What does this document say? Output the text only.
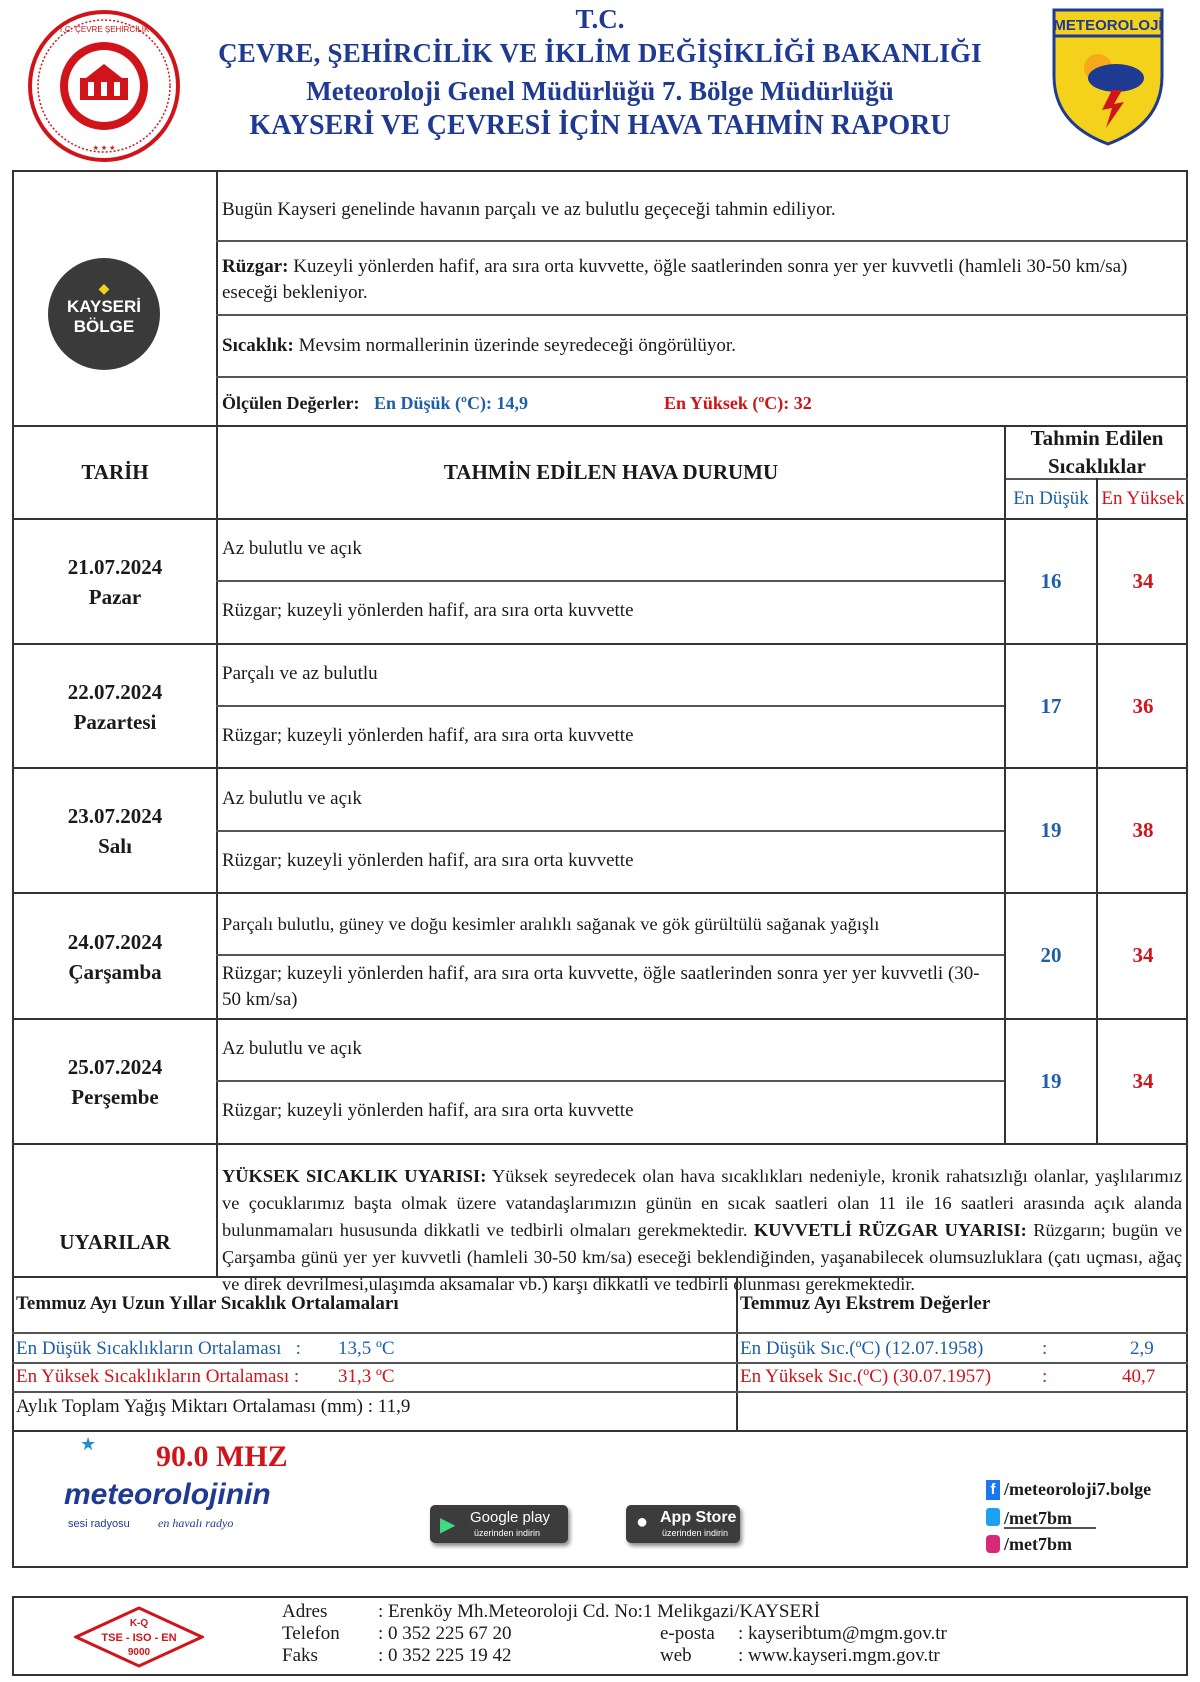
T.C. ÇEVRE ŞEHİRCİLİK
★ ★ ★
T.C.
ÇEVRE, ŞEHİRCİLİK VE İKLİM DEĞİŞİKLİĞİ BAKANLIĞI
Meteoroloji Genel Müdürlüğü 7. Bölge Müdürlüğü
KAYSERİ VE ÇEVRESİ İÇİN HAVA TAHMİN RAPORU
METEOROLOJİ
◆
KAYSERİ
BÖLGE
Bugün Kayseri genelinde havanın parçalı ve az bulutlu geçeceği tahmin ediliyor.
Rüzgar: Kuzeyli yönlerden hafif, ara sıra orta kuvvette, öğle saatlerinden sonra yer yer kuvvetli (hamleli 30-50 km/sa) eseceği bekleniyor.
Sıcaklık: Mevsim normallerinin üzerinde seyredeceği öngörülüyor.
Ölçülen Değerler: En Düşük (ºC): 14,9	En Yüksek (ºC): 32
TARİH	TAHMİN EDİLEN HAVA DURUMU
Tahmin Edilen
Sıcaklıklar
En Düşük En Yüksek
21.07.2024
Pazar
Az bulutlu ve açık
Rüzgar; kuzeyli yönlerden hafif, ara sıra orta kuvvette
16	34
22.07.2024
Pazartesi
Parçalı ve az bulutlu
Rüzgar; kuzeyli yönlerden hafif, ara sıra orta kuvvette
17	36
23.07.2024
Salı
Az bulutlu ve açık
Rüzgar; kuzeyli yönlerden hafif, ara sıra orta kuvvette
19	38
24.07.2024
Çarşamba
Parçalı bulutlu, güney ve doğu kesimler aralıklı sağanak ve gök gürültülü sağanak yağışlı
Rüzgar; kuzeyli yönlerden hafif, ara sıra orta kuvvette, öğle saatlerinden sonra yer yer kuvvetli (30-50 km/sa)
20	34
25.07.2024
Perşembe
Az bulutlu ve açık
Rüzgar; kuzeyli yönlerden hafif, ara sıra orta kuvvette
19	34
UYARILAR
YÜKSEK SICAKLIK UYARISI: Yüksek seyredecek olan hava sıcaklıkları nedeniyle, kronik rahatsızlığı olanlar, yaşlılarımız ve çocuklarımız başta olmak üzere vatandaşlarımızın günün en sıcak saatleri olan 11 ile 16 saatleri arasında açık alanda bulunmamaları hususunda dikkatli ve tedbirli olmaları gerekmektedir. KUVVETLİ RÜZGAR UYARISI: Rüzgarın; bugün ve Çarşamba günü yer yer kuvvetli (hamleli 30-50 km/sa) eseceği beklendiğinden, yaşanabilecek olumsuzluklara (çatı uçması, ağaç ve direk devrilmesi,ulaşımda aksamalar vb.) karşı dikkatli ve tedbirli olunması gerekmektedir.
Temmuz Ayı Uzun Yıllar Sıcaklık Ortalamaları	Temmuz Ayı Ekstrem Değerler
En Düşük Sıcaklıkların Ortalaması   : 13,5 ºC	En Düşük Sıc.(ºC) (12.07.1958)	:	2,9
En Yüksek Sıcaklıkların Ortalaması : 31,3 ºC	En Yüksek Sıc.(ºC) (30.07.1957)	:	40,7
Aylık Toplam Yağış Miktarı Ortalaması (mm) : 11,9
★ 90.0 MHZ
meteorolojinin
sesi radyosu en havalı radyo	▶ Google play
üzerinden indirin	● App Store
üzerinden indirin
f /meteoroloji7.bolge
/met7bm
/met7bm
K-Q
TSE - ISO - EN
9000
Adres	: Erenköy Mh.Meteoroloji Cd. No:1 Melikgazi/KAYSERİ
Telefon : 0 352 225 67 20
Faks	: 0 352 225 19 42
e-posta : kayseribtum@mgm.gov.tr
web : www.kayseri.mgm.gov.tr
